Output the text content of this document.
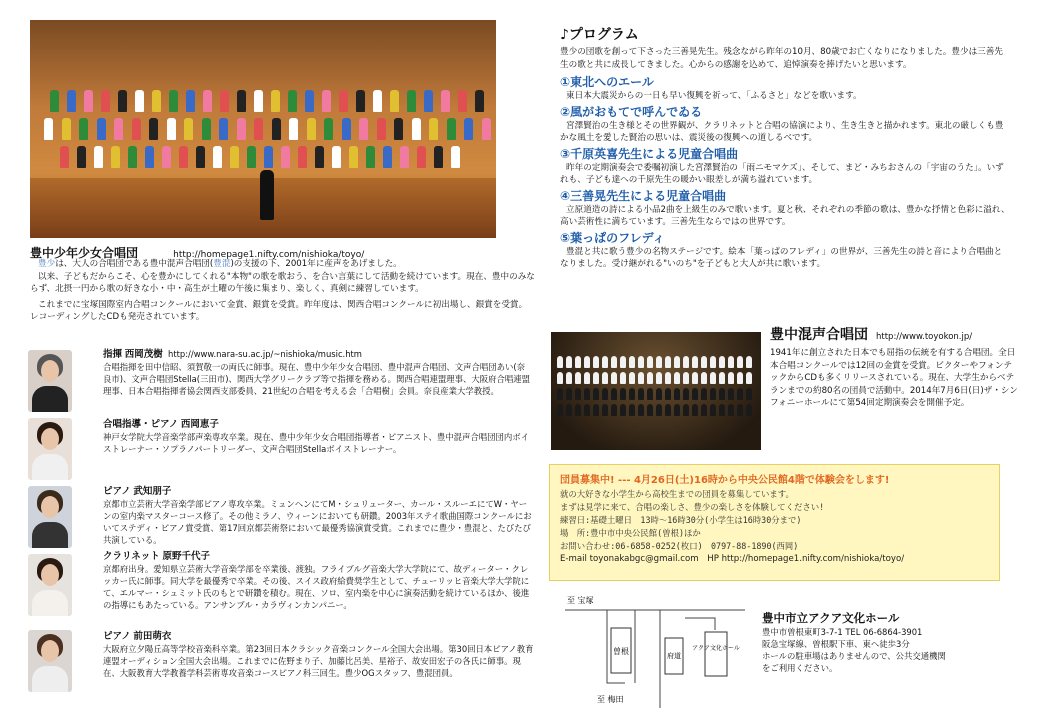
豊中少年少女合唱団	http://homepage1.nifty.com/nishioka/toyo/
豊少は、大人の合唱団である豊中混声合唱団(豊混)の支援の下、2001年に産声をあげました。
以来、子どもだからこそ、心を豊かにしてくれる"本物"の歌を歌おう、を合い言葉にして活動を続けています。現在、豊中のみならず、北摂一円から歌の好きな小・中・高生が土曜の午後に集まり、楽しく、真剣に練習しています。
これまでに宝塚国際室内合唱コンクールにおいて金賞、銀賞を受賞。昨年度は、関西合唱コンクールに初出場し、銀賞を受賞。レコーディングしたCDも発売されています。
指揮 西岡茂樹 http://www.nara-su.ac.jp/~nishioka/music.htm
合唱指揮を田中信昭、須賀敬一の両氏に師事。現在、豊中少年少女合唱団、豊中混声合唱団、文声合唱団あい(奈良市)、文声合唱団Stella(三田市)、関西大学グリークラブ等で指揮を務める。関西合唱連盟理事、大阪府合唱連盟理事、日本合唱指揮者協会関西支部委員、21世紀の合唱を考える会「合唱樹」会員。奈良産業大学教授。
合唱指導・ピアノ 西岡恵子
神戸女学院大学音楽学部声楽専攻卒業。現在、豊中少年少女合唱団指導者・ピアニスト、豊中混声合唱団団内ボイストレーナー・ソプラノパートリーダー、文声合唱団Stellaボイストレーナー。
ピアノ 武知朋子
京都市立芸術大学音楽学部ピアノ専攻卒業。ミュンヘンにてM・シュリューター、カール・スルーエにてW・ヤーンの室内楽マスターコース修了。その他ミラノ、ウィーンにおいても研鑽。2003年ステイ歌曲国際コンクールにおいてステディ・ピアノ賞受賞、第17回京都芸術祭において最優秀協演賞受賞。これまでに豊少・豊混と、たびたび共演している。
クラリネット 原野千代子
京都府出身。愛知県立芸術大学音楽学部を卒業後、渡独。フライブルグ音楽大学大学院にて、故ディーター・クレッカー氏に師事。同大学を最優秀で卒業。その後、スイス政府給費奨学生として、チューリッヒ音楽大学大学院にて、エルマー・シュミット氏のもとで研鑽を積む。現在、ソロ、室内楽を中心に演奏活動を続けているほか、後進の指導にもあたっている。アンサンブル・カラヴィンカンパニー。
ピアノ 前田萌衣
大阪府立夕陽丘高等学校音楽科卒業。第23回日本クラシック音楽コンクール全国大会出場。第30回日本ピアノ教育連盟オーディション全国大会出場。これまでに佐野まり子、加藤比呂美、星裕子、故安田宏子の各氏に師事。現在、大阪教育大学教養学科芸術専攻音楽コースピアノ科三回生。豊少OGスタッフ、豊混団員。
♪プログラム
豊少の団歌を創って下さった三善晃先生。残念ながら昨年の10月、80歳でお亡くなりになりました。豊少は三善先生の歌と共に成長してきました。心からの感謝を込めて、追悼演奏を捧げたいと思います。
①東北へのエール
東日本大震災からの一日も早い復興を祈って、「ふるさと」などを歌います。
②風がおもてで呼んでゐる
宮澤賢治の生き様とその世界観が、クラリネットと合唱の協演により、生き生きと描かれます。東北の厳しくも豊かな風土を愛した賢治の思いは、震災後の復興への道しるべです。
③千原英喜先生による児童合唱曲
昨年の定期演奏会で委嘱初演した宮澤賢治の「雨ニモマケズ」、そして、まど・みちおさんの「宇宙のうた」。いずれも、子ども達への千原先生の暖かい眼差しが満ち溢れています。
④三善晃先生による児童合唱曲
立原道造の詩による小品2曲を上級生のみで歌います。夏と秋、それぞれの季節の歌は、豊かな抒情と色彩に溢れ、高い芸術性に満ちています。三善先生ならではの世界です。
⑤葉っぱのフレディ
豊混と共に歌う豊少の名物ステージです。絵本「葉っぱのフレディ」の世界が、三善先生の詩と音により合唱曲となりました。受け継がれる"いのち"を子どもと大人が共に歌います。
豊中混声合唱団 http://www.toyokon.jp/
1941年に創立された日本でも屈指の伝統を有する合唱団。全日本合唱コンクールでは12回の金賞を受賞。ビクターやフォンテックからCDも多くリリースされている。現在、大学生からベテランまでの約80名の団員で活動中。2014年7月6日(日)ザ・シンフォニーホールにて第54回定期演奏会を開催予定。
団員募集中! --- 4月26日(土)16時から中央公民館4階で体験会をします!
就の大好きな小学生から高校生までの団員を募集しています。
まずは見学に来て、合唱の楽しさ、豊少の楽しさを体験してください!
練習日:基礎土曜日　13時～16時30分(小学生は16時30分まで)
場　所:豊中市中央公民館(曽根)ほか
お問い合わせ:06-6858-0252(枚口)　0797-88-1890(西岡)
E-mail toyonakabgc@gmail.com　HP http://homepage1.nifty.com/nishioka/toyo/
至 宝塚
至 梅田
曽根	府道
アクア文化ホール
豊中市立アクア文化ホール
豊中市曽根東町3-7-1 TEL 06-6864-3901
阪急宝塚線、曽根駅下車、東へ徒歩3分
ホールの駐車場はありませんので、公共交通機関
をご利用ください。
